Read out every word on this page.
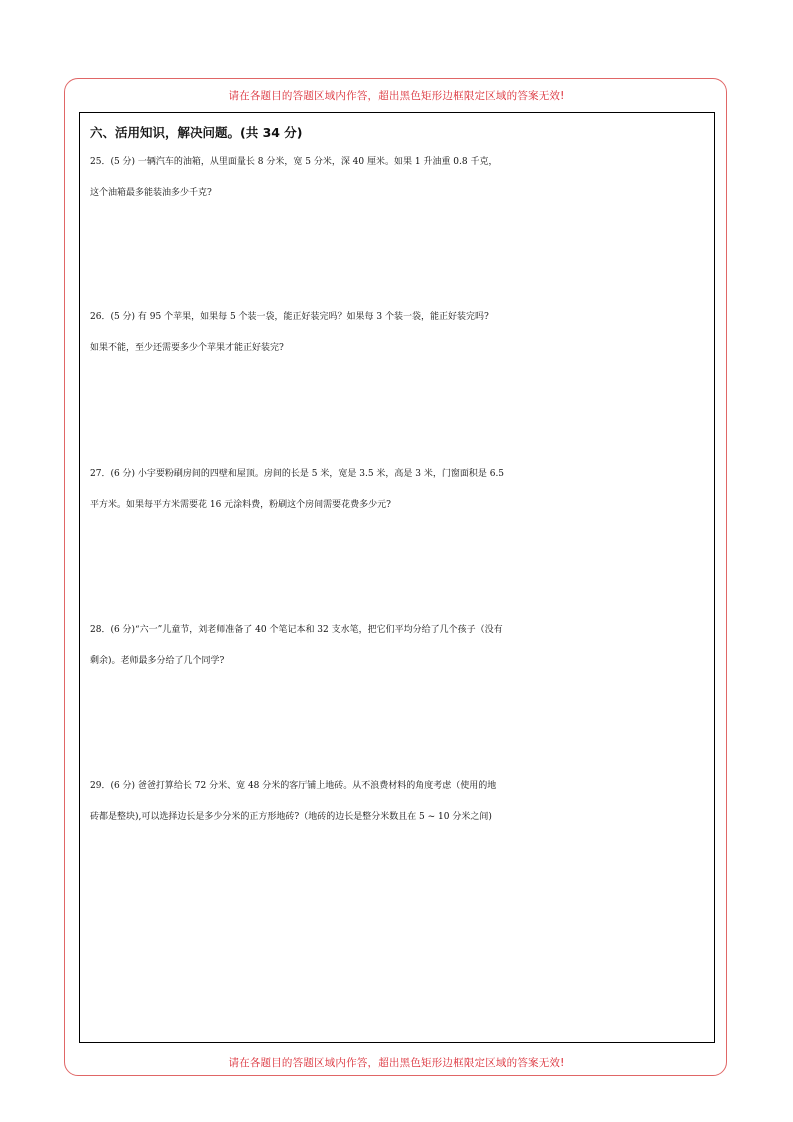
请在各题目的答题区域内作答，超出黑色矩形边框限定区域的答案无效!
六、活用知识，解决问题。(共 34 分)

25．(5 分) 一辆汽车的油箱，从里面量长 8 分米，宽 5 分米，深 40 厘米。如果 1 升油重 0.8 千克，

这个油箱最多能装油多少千克?

26．(5 分) 有 95 个苹果，如果每 5 个装一袋，能正好装完吗？如果每 3 个装一袋，能正好装完吗?

如果不能，至少还需要多少个苹果才能正好装完?

27．(6 分) 小宇要粉刷房间的四壁和屋顶。房间的长是 5 米，宽是 3.5 米，高是 3 米，门窗面积是 6.5

平方米。如果每平方米需要花 16 元涂料费，粉刷这个房间需要花费多少元?

28．(6 分)“六一”儿童节，刘老师准备了 40 个笔记本和 32 支水笔，把它们平均分给了几个孩子（没有

剩余)。老师最多分给了几个同学?

29．(6 分) 爸爸打算给长 72 分米、宽 48 分米的客厅铺上地砖。从不浪费材料的角度考虑（使用的地

砖都是整块),可以选择边长是多少分米的正方形地砖?（地砖的边长是整分米数且在 5 ~ 10 分米之间)

请在各题目的答题区域内作答，超出黑色矩形边框限定区域的答案无效!
